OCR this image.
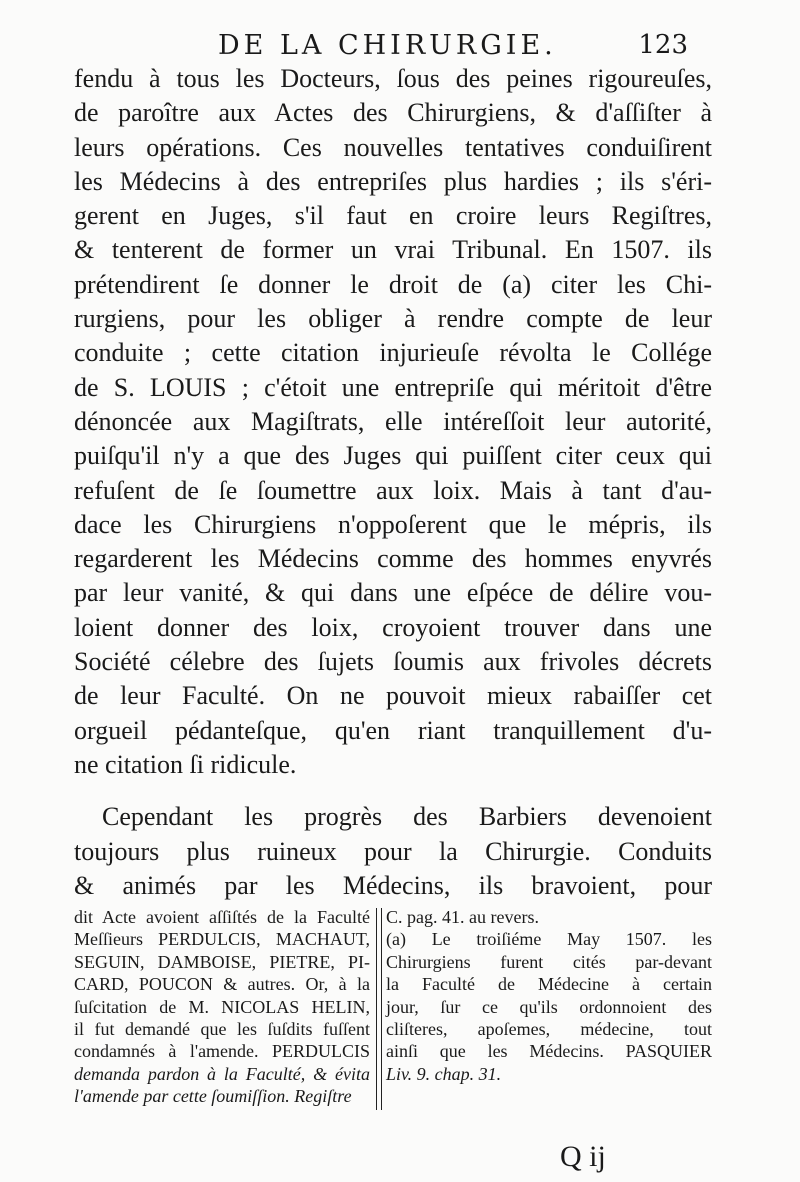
DE LA CHIRURGIE.	123
fendu à tous les Docteurs, ſous des peines rigoureuſes,
de paroître aux Actes des Chirurgiens, & d'aſſiſter à
leurs opérations. Ces nouvelles tentatives conduiſirent
les Médecins à des entrepriſes plus hardies ; ils s'éri-
gerent en Juges, s'il faut en croire leurs Regiſtres,
& tenterent de former un vrai Tribunal. En 1507. ils
prétendirent ſe donner le droit de (a) citer les Chi-
rurgiens, pour les obliger à rendre compte de leur
conduite ; cette citation injurieuſe révolta le Collége
de S. LOUIS ; c'étoit une entrepriſe qui méritoit d'être
dénoncée aux Magiſtrats, elle intéreſſoit leur autorité,
puiſqu'il n'y a que des Juges qui puiſſent citer ceux qui
refuſent de ſe ſoumettre aux loix. Mais à tant d'au-
dace les Chirurgiens n'oppoſerent que le mépris, ils
regarderent les Médecins comme des hommes enyvrés
par leur vanité, & qui dans une eſpéce de délire vou-
loient donner des loix, croyoient trouver dans une
Société célebre des ſujets ſoumis aux frivoles décrets
de leur Faculté. On ne pouvoit mieux rabaiſſer cet
orgueil pédanteſque, qu'en riant tranquillement d'u-
ne citation ſi ridicule.
Cependant les progrès des Barbiers devenoient
toujours plus ruineux pour la Chirurgie. Conduits
& animés par les Médecins, ils bravoient, pour
dit Acte avoient aſſiſtés de la Faculté
Meſſieurs PERDULCIS, MACHAUT,
SEGUIN, DAMBOISE, PIETRE, PI-
CARD, POUCON & autres. Or, à la
ſuſcitation de M. NICOLAS HELIN,
il fut demandé que les ſuſdits fuſſent
condamnés à l'amende. PERDULCIS
demanda pardon à la Faculté, & évita
l'amende par cette ſoumiſſion. Regiſtre
C. pag. 41. au revers.
(a) Le troiſiéme May 1507. les
Chirurgiens furent cités par-devant
la Faculté de Médecine à certain
jour, ſur ce qu'ils ordonnoient des
cliſteres, apoſemes, médecine, tout
ainſi que les Médecins. PASQUIER
Liv. 9. chap. 31.
Q ij
